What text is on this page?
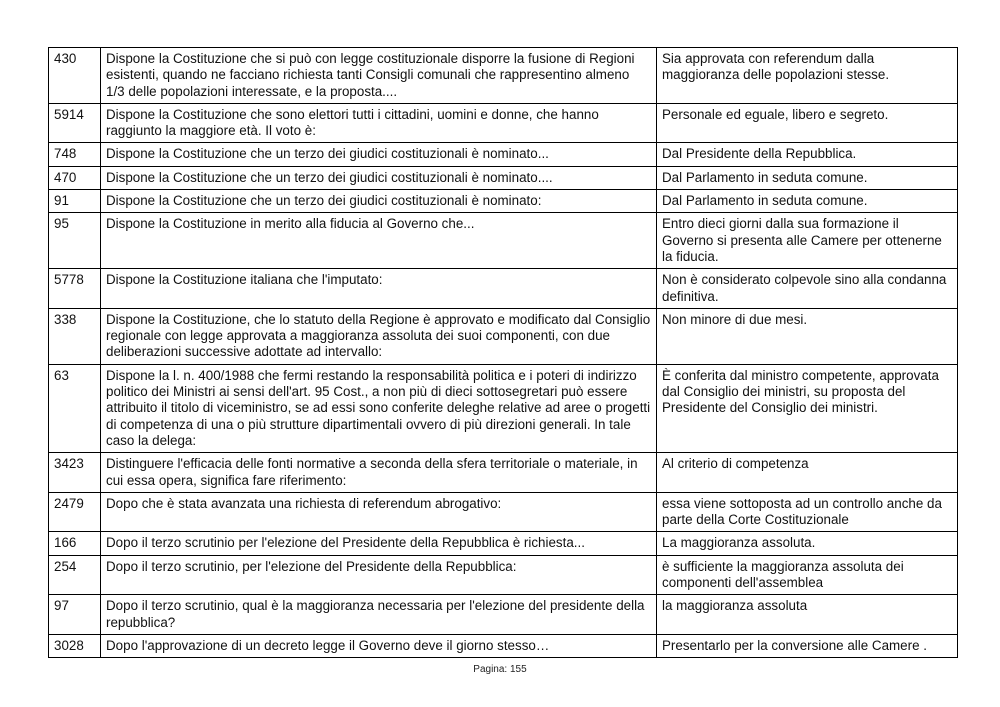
430	Dispone la Costituzione che si può con legge costituzionale disporre la fusione di Regioni esistenti, quando ne facciano richiesta tanti Consigli comunali che rappresentino almeno 1/3 delle popolazioni interessate, e la proposta....	Sia approvata con referendum dalla maggioranza delle popolazioni stesse.
5914	Dispone la Costituzione che sono elettori tutti i cittadini, uomini e donne, che hanno raggiunto la maggiore età. Il voto è:	Personale ed eguale, libero e segreto.
748	Dispone la Costituzione che un terzo dei giudici costituzionali è nominato...	Dal Presidente della Repubblica.
470	Dispone la Costituzione che un terzo dei giudici costituzionali è nominato....	Dal Parlamento in seduta comune.
91	Dispone la Costituzione che un terzo dei giudici costituzionali è nominato:	Dal Parlamento in seduta comune.
95	Dispone la Costituzione in merito alla fiducia al Governo che...	Entro dieci giorni dalla sua formazione il Governo si presenta alle Camere per ottenerne la fiducia.
5778	Dispone la Costituzione italiana che l'imputato:	Non è considerato colpevole sino alla condanna definitiva.
338	Dispone la Costituzione, che lo statuto della Regione è approvato e modificato dal Consiglio regionale con legge approvata a maggioranza assoluta dei suoi componenti, con due deliberazioni successive adottate ad intervallo:	Non minore di due mesi.
63	Dispone la l. n. 400/1988 che fermi restando la responsabilità politica e i poteri di indirizzo politico dei Ministri ai sensi dell'art. 95 Cost., a non più di dieci sottosegretari può essere attribuito il titolo di viceministro, se ad essi sono conferite deleghe relative ad aree o progetti di competenza di una o più strutture dipartimentali ovvero di più direzioni generali. In tale caso la delega:	È conferita dal ministro competente, approvata dal Consiglio dei ministri, su proposta del Presidente del Consiglio dei ministri.
3423	Distinguere l'efficacia delle fonti normative a seconda della sfera territoriale o materiale, in cui essa opera, significa fare riferimento:	Al criterio di competenza
2479	Dopo che è stata avanzata una richiesta di referendum abrogativo:	essa viene sottoposta ad un controllo anche da parte della Corte Costituzionale
166	Dopo il terzo scrutinio per l'elezione del Presidente della Repubblica è richiesta...	La maggioranza assoluta.
254	Dopo il terzo scrutinio, per l'elezione del Presidente della Repubblica:	è sufficiente la maggioranza assoluta dei componenti dell'assemblea
97	Dopo il terzo scrutinio, qual è la maggioranza necessaria per l'elezione del presidente della repubblica?	la maggioranza assoluta
3028	Dopo l'approvazione di un decreto legge il Governo deve il giorno stesso…	Presentarlo per la conversione alle Camere .
Pagina: 155
